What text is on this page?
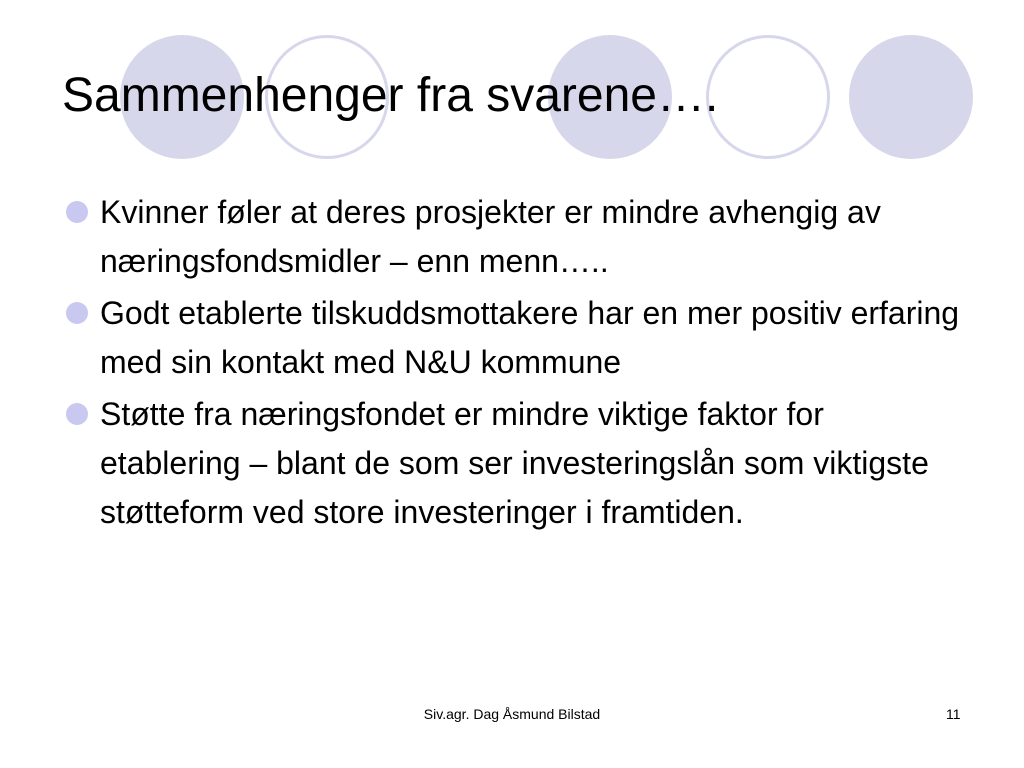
Sammenhenger fra svarene….
Kvinner føler at deres prosjekter er mindre avhengig av næringsfondsmidler – enn menn…..
Godt etablerte tilskuddsmottakere har en mer positiv erfaring med sin kontakt med N&U kommune
Støtte fra næringsfondet er mindre viktige faktor for etablering – blant de som ser investeringslån som viktigste støtteform ved store investeringer i framtiden.
Siv.agr. Dag Åsmund Bilstad	11
